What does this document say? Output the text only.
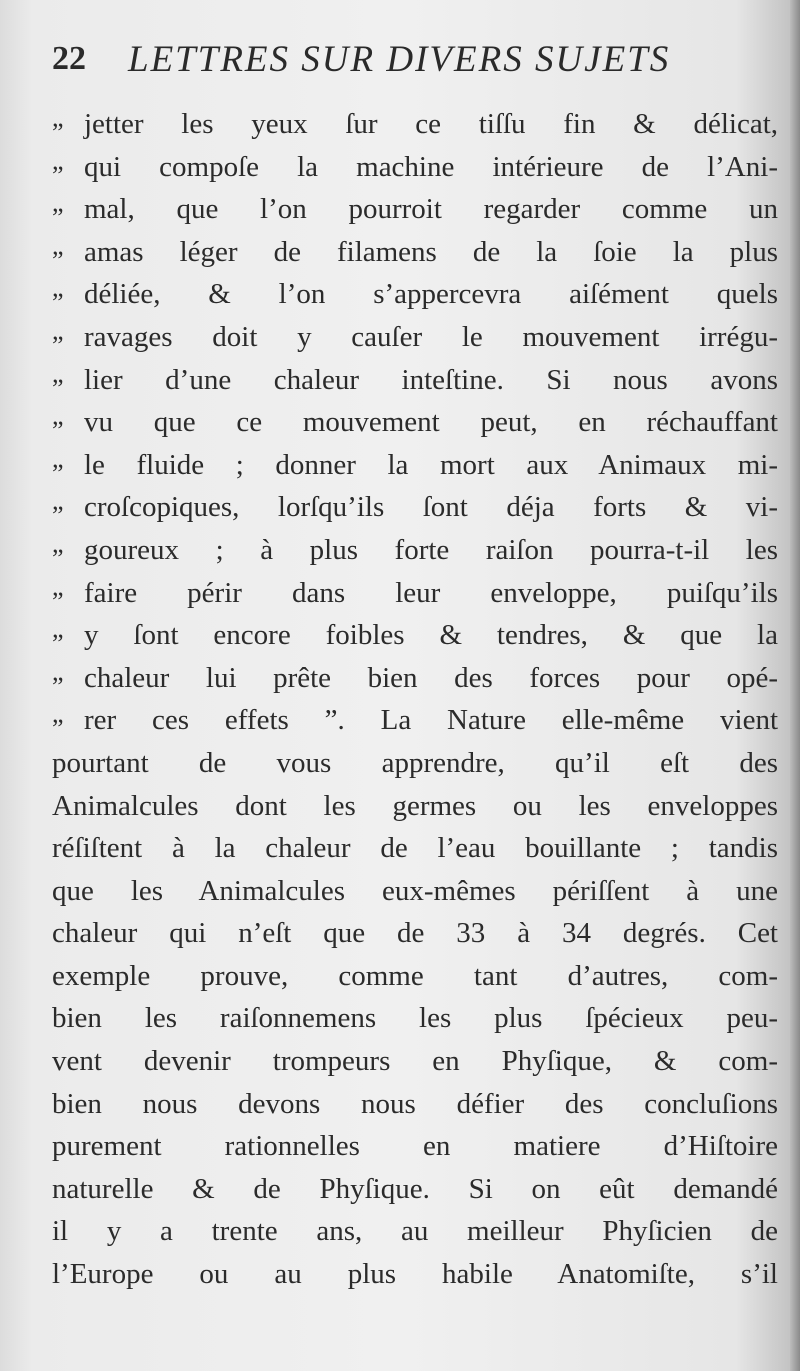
22 LETTRES SUR DIVERS SUJETS
„ jetter les yeux ſur ce tiſſu fin & délicat,
„ qui compoſe la machine intérieure de l’Ani-
„ mal, que l’on pourroit regarder comme un
„ amas léger de filamens de la ſoie la plus
„ déliée, & l’on s’appercevra aiſément quels
„ ravages doit y cauſer le mouvement irrégu-
„ lier d’une chaleur inteſtine. Si nous avons
„ vu que ce mouvement peut, en réchauffant
„ le fluide ; donner la mort aux Animaux mi-
„ croſcopiques, lorſqu’ils ſont déja forts & vi-
„ goureux ; à plus forte raiſon pourra-t-il les
„ faire périr dans leur enveloppe, puiſqu’ils
„ y ſont encore foibles & tendres, & que la
„ chaleur lui prête bien des forces pour opé-
„ rer ces effets ”. La Nature elle-même vient
pourtant de vous apprendre, qu’il eſt des
Animalcules dont les germes ou les enveloppes
réſiſtent à la chaleur de l’eau bouillante ; tandis
que les Animalcules eux-mêmes périſſent à une
chaleur qui n’eſt que de 33 à 34 degrés. Cet
exemple prouve, comme tant d’autres, com-
bien les raiſonnemens les plus ſpécieux peu-
vent devenir trompeurs en Phyſique, & com-
bien nous devons nous défier des concluſions
purement rationnelles en matiere d’Hiſtoire
naturelle & de Phyſique. Si on eût demandé
il y a trente ans, au meilleur Phyſicien de
l’Europe ou au plus habile Anatomiſte, s’il
